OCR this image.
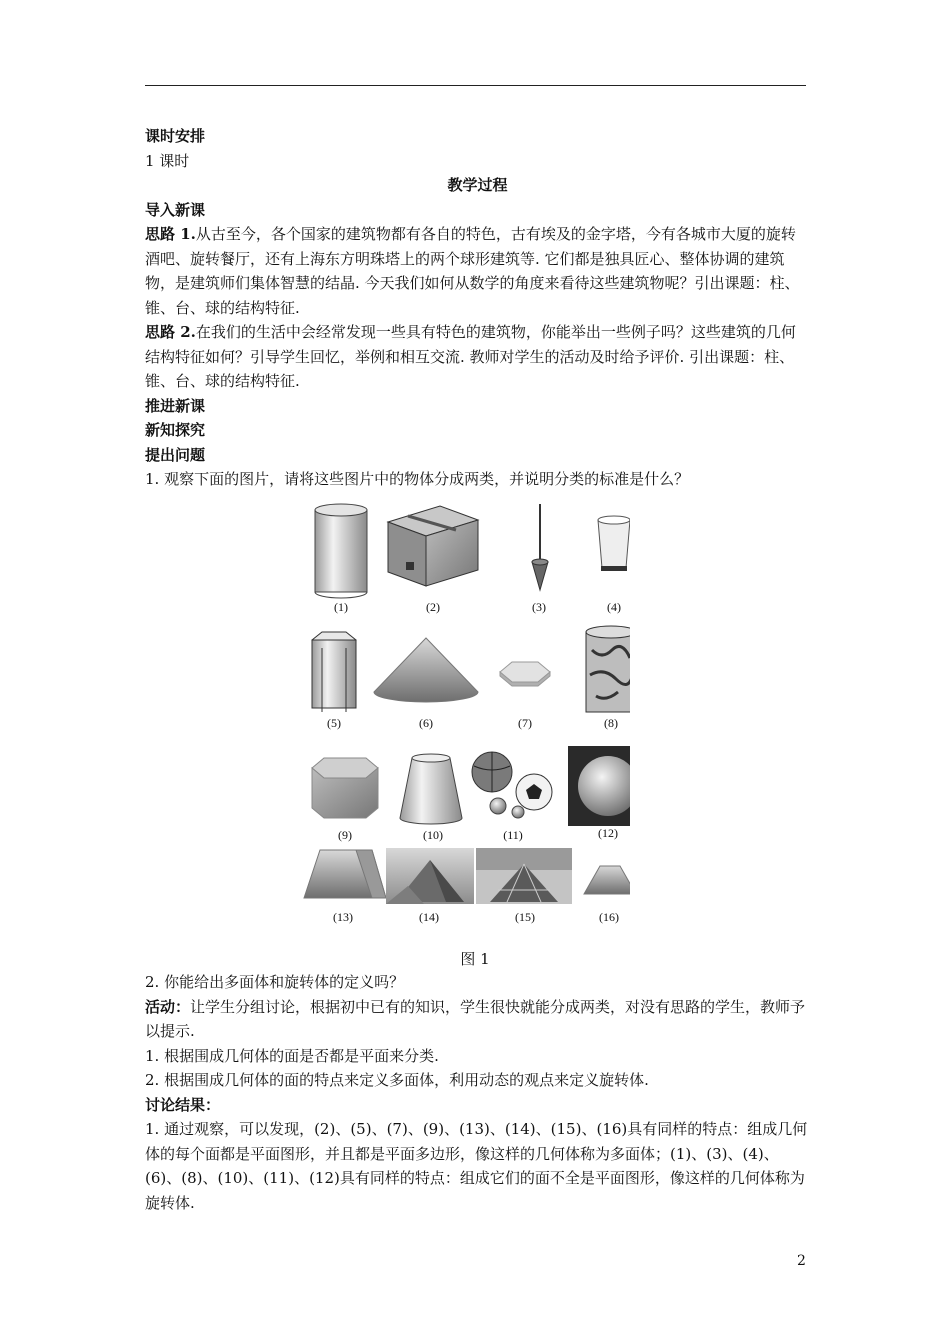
课时安排

1 课时

教学过程

导入新课

思路 1.从古至今，各个国家的建筑物都有各自的特色，古有埃及的金字塔，今有各城市大厦的旋转酒吧、旋转餐厅，还有上海东方明珠塔上的两个球形建筑等. 它们都是独具匠心、整体协调的建筑物，是建筑师们集体智慧的结晶. 今天我们如何从数学的角度来看待这些建筑物呢？引出课题：柱、锥、台、球的结构特征.

思路 2.在我们的生活中会经常发现一些具有特色的建筑物，你能举出一些例子吗？这些建筑的几何结构特征如何？引导学生回忆，举例和相互交流. 教师对学生的活动及时给予评价. 引出课题：柱、锥、台、球的结构特征.

推进新课

新知探究

提出问题

1. 观察下面的图片，请将这些图片中的物体分成两类，并说明分类的标准是什么？

(1)	(2)	(3)	(4)
(5)	(6)	(7)	(8)
(9)	(10)	(11)	(12)
(13)	(14)	(15)	(16)
图 1

2. 你能给出多面体和旋转体的定义吗？

活动：让学生分组讨论，根据初中已有的知识，学生很快就能分成两类，对没有思路的学生，教师予以提示.

1. 根据围成几何体的面是否都是平面来分类.

2. 根据围成几何体的面的特点来定义多面体，利用动态的观点来定义旋转体.

讨论结果：

1. 通过观察，可以发现，(2)、(5)、(7)、(9)、(13)、(14)、(15)、(16)具有同样的特点：组成几何体的每个面都是平面图形，并且都是平面多边形，像这样的几何体称为多面体；(1)、(3)、(4)、(6)、(8)、(10)、(11)、(12)具有同样的特点：组成它们的面不全是平面图形，像这样的几何体称为旋转体.

2
